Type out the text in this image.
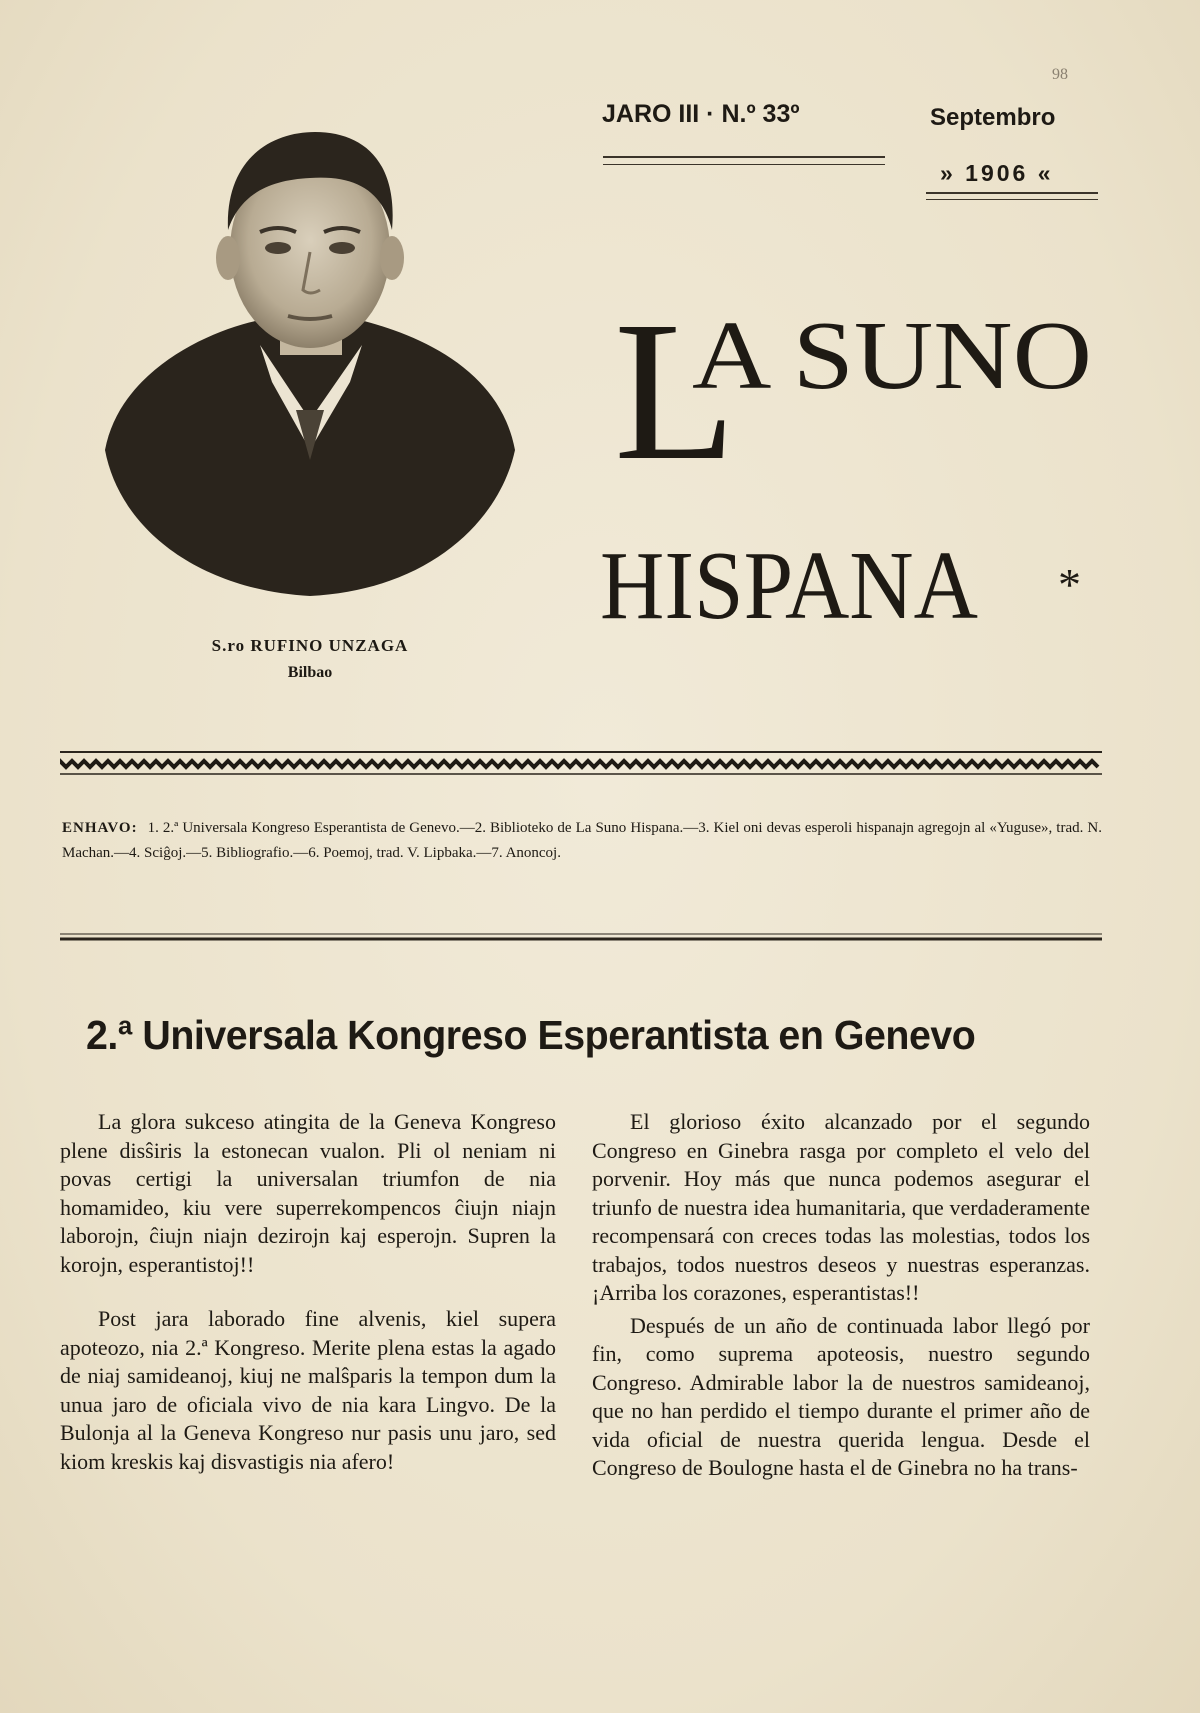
98
S.ro RUFINO UNZAGA
Bilbao
JARO III · N.º 33º	Septembro
» 1906 «
L
A SUNO
HISPANA *
ENHAVO: 1. 2.ª Universala Kongreso Esperantista de Genevo.—2. Biblioteko de La Suno Hispana.—3. Kiel oni devas esperoli hispanajn agregojn al «Yuguse», trad. N. Machan.—4. Sciĝoj.—5. Bibliografio.—6. Poemoj, trad. V. Lipbaka.—7. Anoncoj.
2.ª Universala Kongreso Esperantista en Genevo

La glora sukceso atingita de la Geneva Kongreso plene disŝiris la estonecan vualon. Pli ol neniam ni povas certigi la universalan triumfon de nia homamideo, kiu vere superrekompencos ĉiujn niajn laborojn, ĉiujn niajn dezirojn kaj esperojn. Supren la korojn, esperantistoj!!

Post jara laborado fine alvenis, kiel supera apoteozo, nia 2.ª Kongreso. Merite plena estas la agado de niaj samideanoj, kiuj ne malŝparis la tempon dum la unua jaro de oficiala vivo de nia kara Lingvo. De la Bulonja al la Geneva Kongreso nur pasis unu jaro, sed kiom kreskis kaj disvastigis nia afero!

El glorioso éxito alcanzado por el segundo Congreso en Ginebra rasga por completo el velo del porvenir. Hoy más que nunca podemos asegurar el triunfo de nuestra idea humanitaria, que verdaderamente recompensará con creces todas las molestias, todos los trabajos, todos nuestros deseos y nuestras esperanzas. ¡Arriba los corazones, esperantistas!!

Después de un año de continuada labor llegó por fin, como suprema apoteosis, nuestro segundo Congreso. Admirable labor la de nuestros samideanoj, que no han perdido el tiempo durante el primer año de vida oficial de nuestra querida lengua. Desde el Congreso de Boulogne hasta el de Ginebra no ha trans-
